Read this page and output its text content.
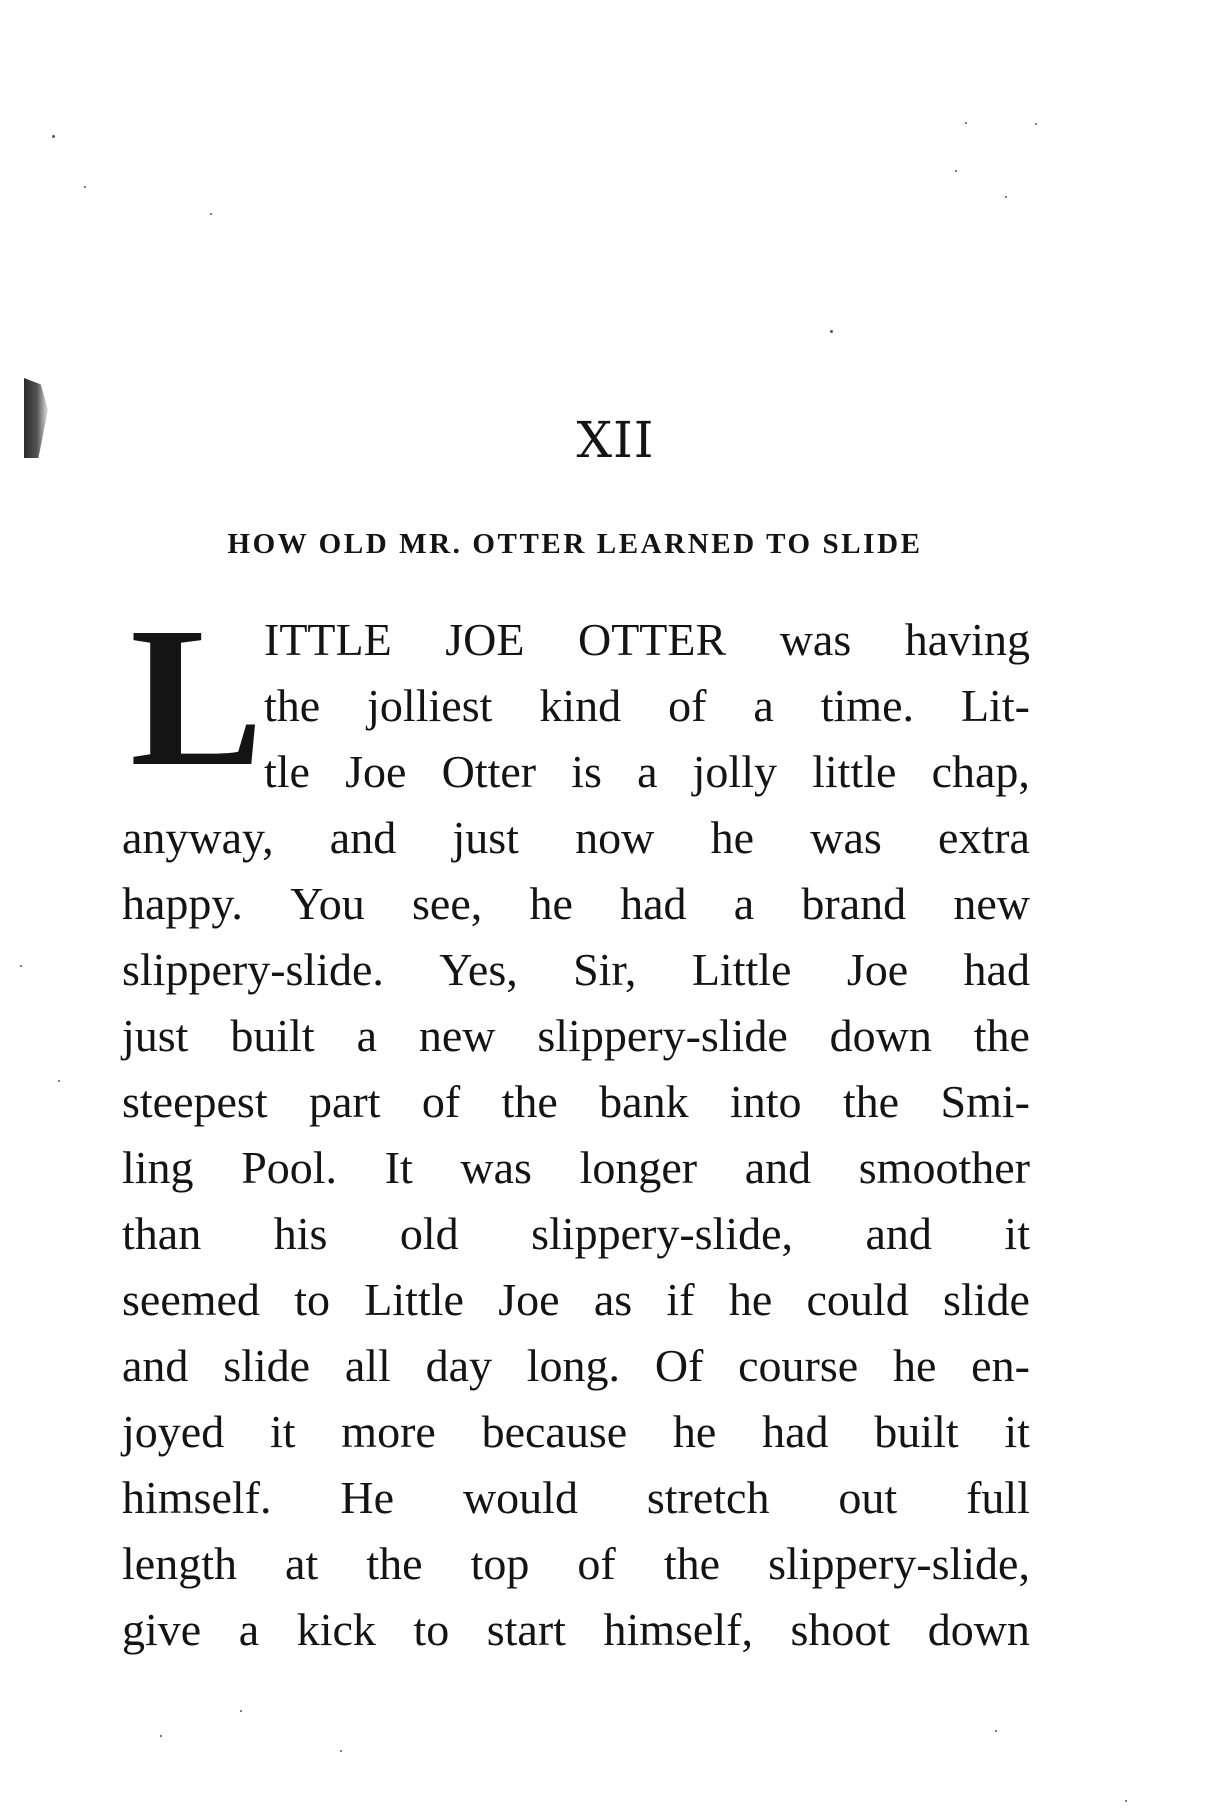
XII
HOW OLD MR. OTTER LEARNED TO SLIDE
L ITTLE JOE OTTER was having
the jolliest kind of a time. Lit-
tle Joe Otter is a jolly little chap,
anyway, and just now he was extra
happy. You see, he had a brand new
slippery-slide. Yes, Sir, Little Joe had
just built a new slippery-slide down the
steepest part of the bank into the Smi-
ling Pool. It was longer and smoother
than his old slippery-slide, and it
seemed to Little Joe as if he could slide
and slide all day long. Of course he en-
joyed it more because he had built it
himself. He would stretch out full
length at the top of the slippery-slide,
give a kick to start himself, shoot down
